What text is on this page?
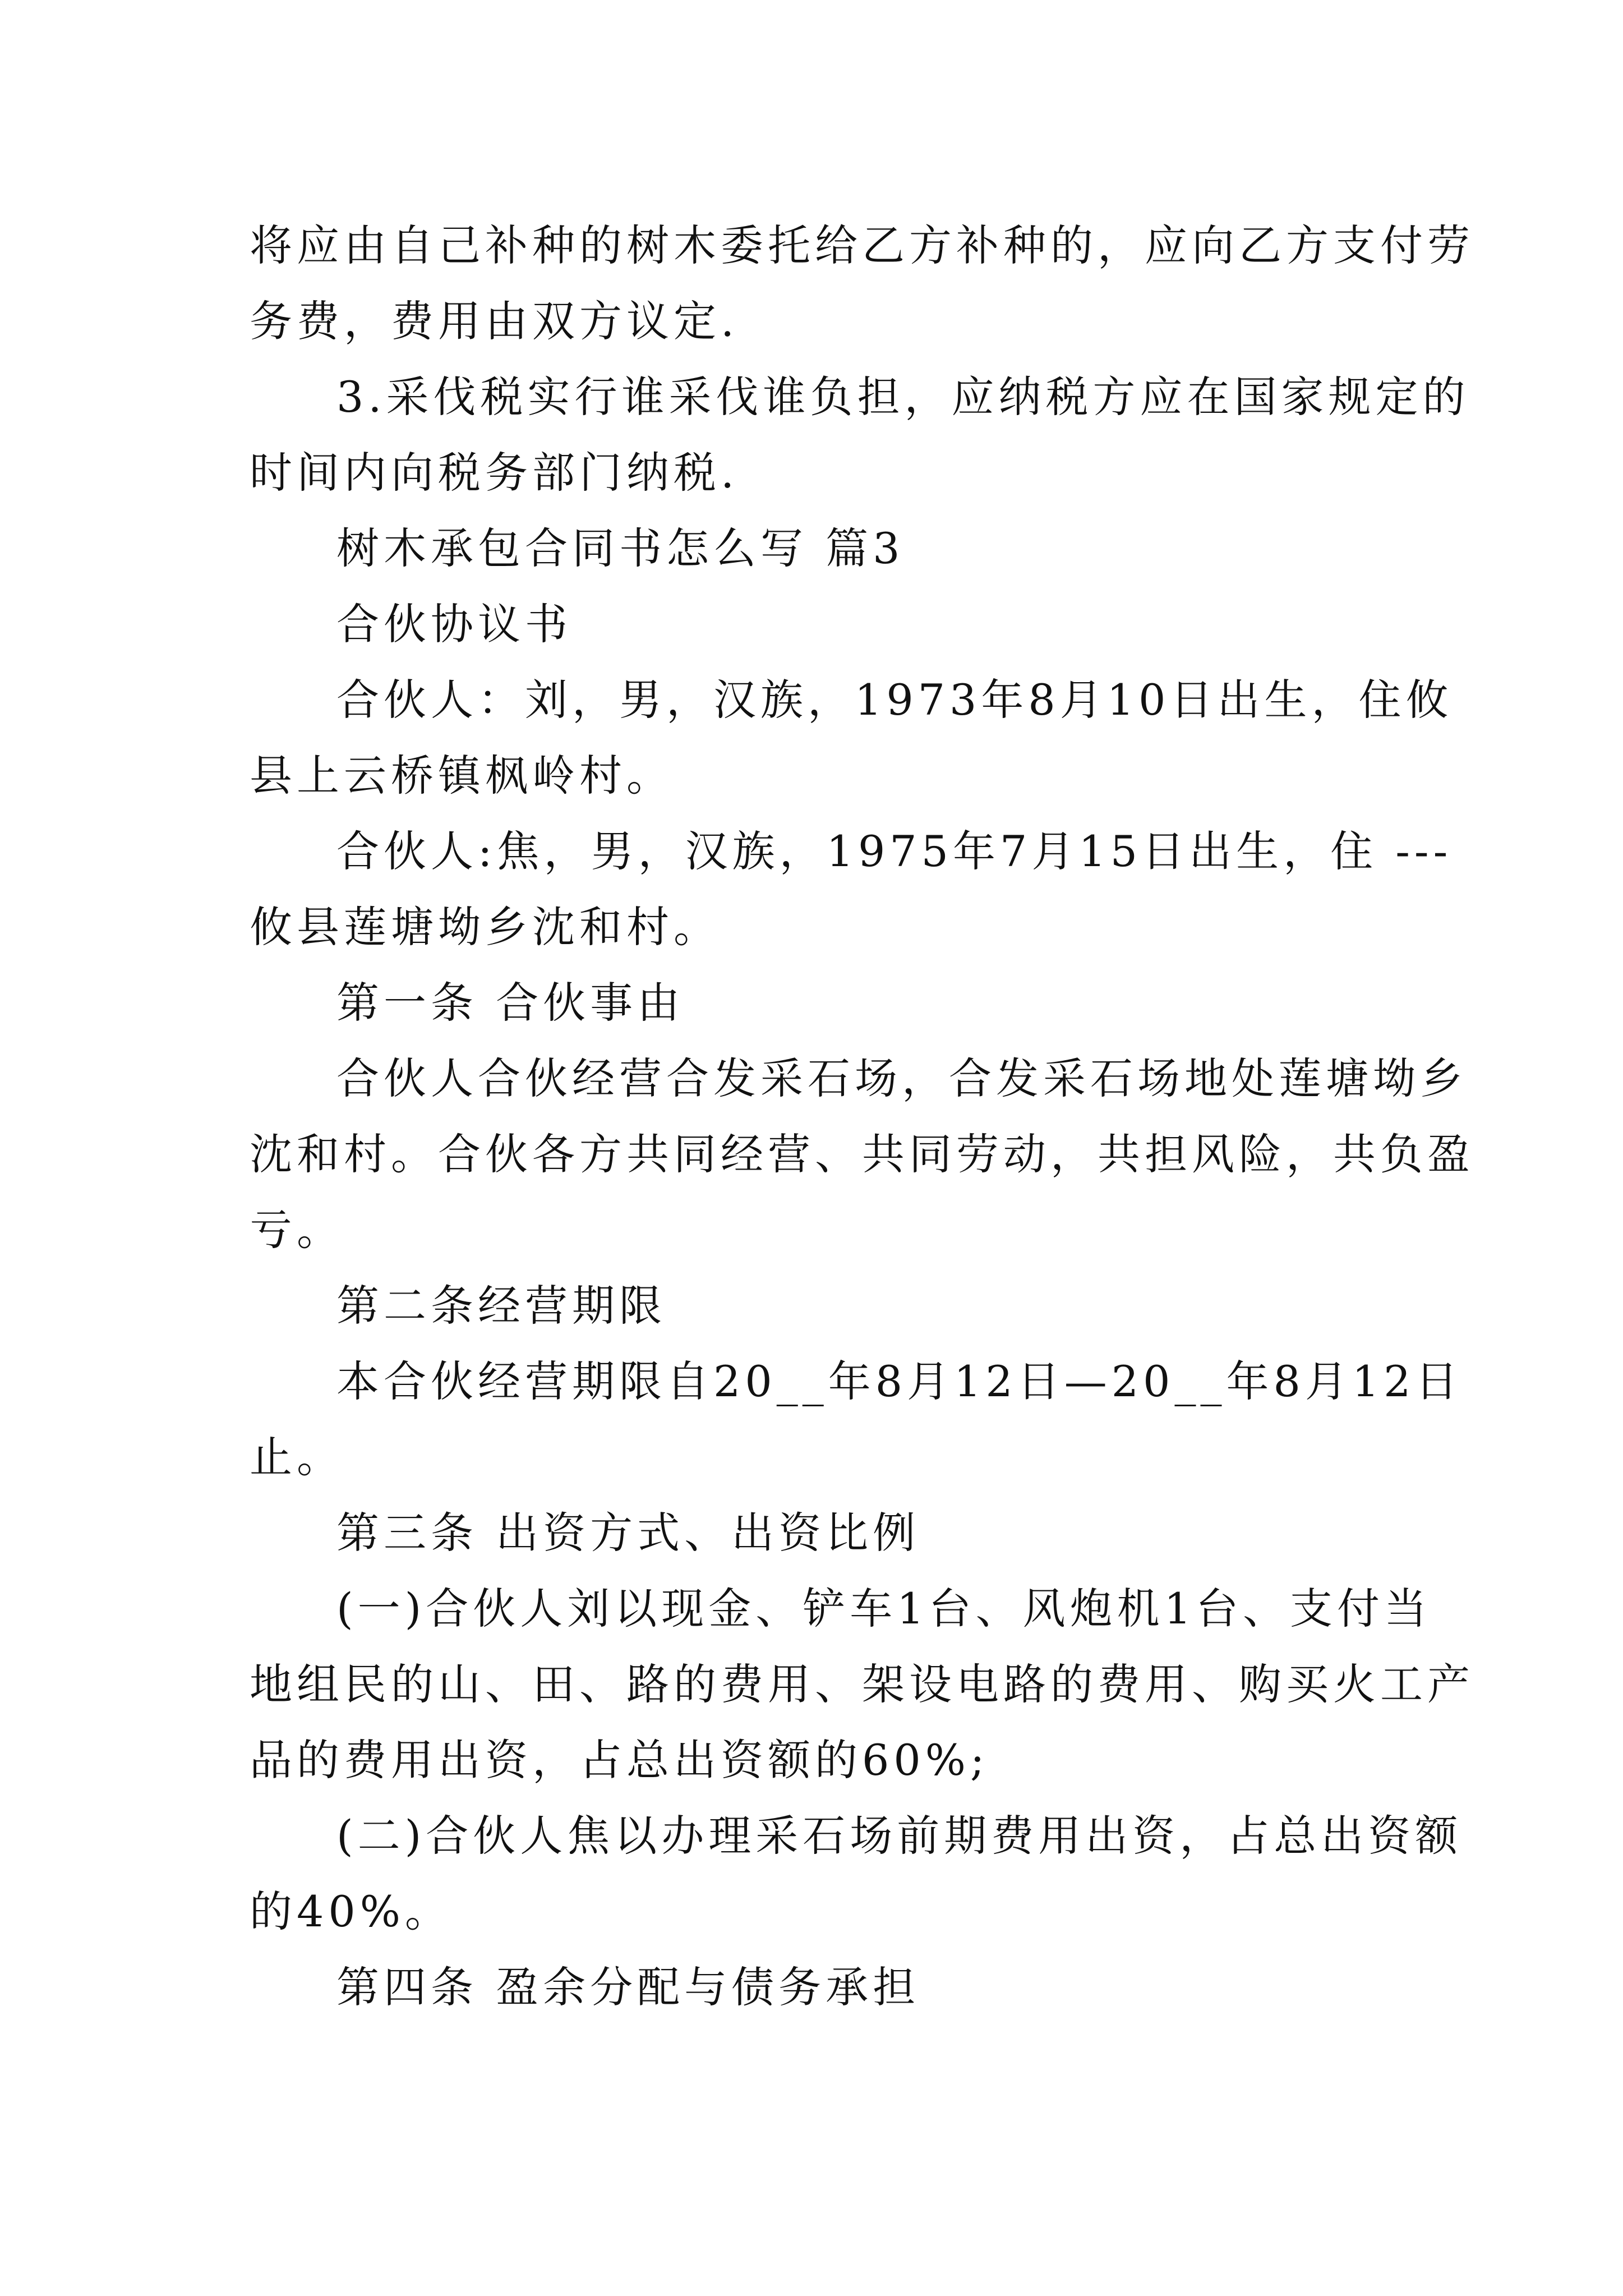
将应由自己补种的树木委托给乙方补种的，应向乙方支付劳
务费，费用由双方议定.
3.采伐税实行谁采伐谁负担，应纳税方应在国家规定的
时间内向税务部门纳税.
树木承包合同书怎么写 篇3
合伙协议书
合伙人：刘，男，汉族，1973年8月10日出生，住攸
县上云桥镇枫岭村。
合伙人:焦，男，汉族，1975年7月15日出生，住 ---
攸县莲塘坳乡沈和村。
第一条 合伙事由
合伙人合伙经营合发采石场，合发采石场地处莲塘坳乡
沈和村。合伙各方共同经营、共同劳动，共担风险，共负盈
亏。
第二条经营期限
本合伙经营期限自20__年8月12日—20__年8月12日
止。
第三条 出资方式、出资比例
(一)合伙人刘以现金、铲车1台、风炮机1台、支付当
地组民的山、田、路的费用、架设电路的费用、购买火工产
品的费用出资，占总出资额的60%;
(二)合伙人焦以办理采石场前期费用出资，占总出资额
的40%。
第四条 盈余分配与债务承担
